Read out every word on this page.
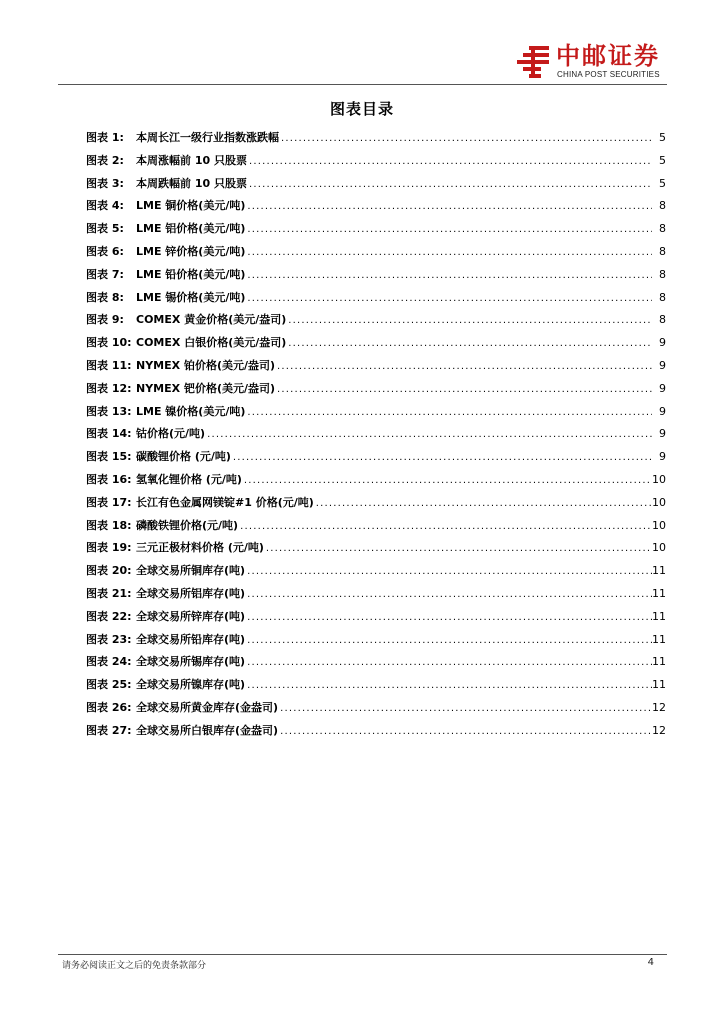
中邮证券
CHINA POST SECURITIES
图表目录
图表 1:	本周长江一级行业指数涨跌幅 .....	5
图表 2:	本周涨幅前 10 只股票 .....	5
图表 3:	本周跌幅前 10 只股票 .....	5
图表 4:	LME 铜价格(美元/吨) .....	8
图表 5:	LME 铝价格(美元/吨) .....	8
图表 6:	LME 锌价格(美元/吨) .....	8
图表 7:	LME 铅价格(美元/吨) .....	8
图表 8:	LME 锡价格(美元/吨) .....	8
图表 9:	COMEX 黄金价格(美元/盎司) .....	8
图表 10: COMEX 白银价格(美元/盎司) .....	9
图表 11: NYMEX 铂价格(美元/盎司) .....	9
图表 12: NYMEX 钯价格(美元/盎司) .....	9
图表 13: LME 镍价格(美元/吨) .....	9
图表 14: 钴价格(元/吨) .....	9
图表 15: 碳酸锂价格 (元/吨) .....	9
图表 16: 氢氧化锂价格 (元/吨) .....	10
图表 17: 长江有色金属网镁锭#1 价格(元/吨) .....	10
图表 18: 磷酸铁锂价格(元/吨) .....	10
图表 19: 三元正极材料价格 (元/吨) .....	10
图表 20: 全球交易所铜库存(吨) .....	11
图表 21: 全球交易所铝库存(吨) .....	11
图表 22: 全球交易所锌库存(吨) .....	11
图表 23: 全球交易所铅库存(吨) .....	11
图表 24: 全球交易所锡库存(吨) .....	11
图表 25: 全球交易所镍库存(吨) .....	11
图表 26: 全球交易所黄金库存(金盎司) .....	12
图表 27: 全球交易所白银库存(金盎司) .....	12
请务必阅读正文之后的免责条款部分	4
